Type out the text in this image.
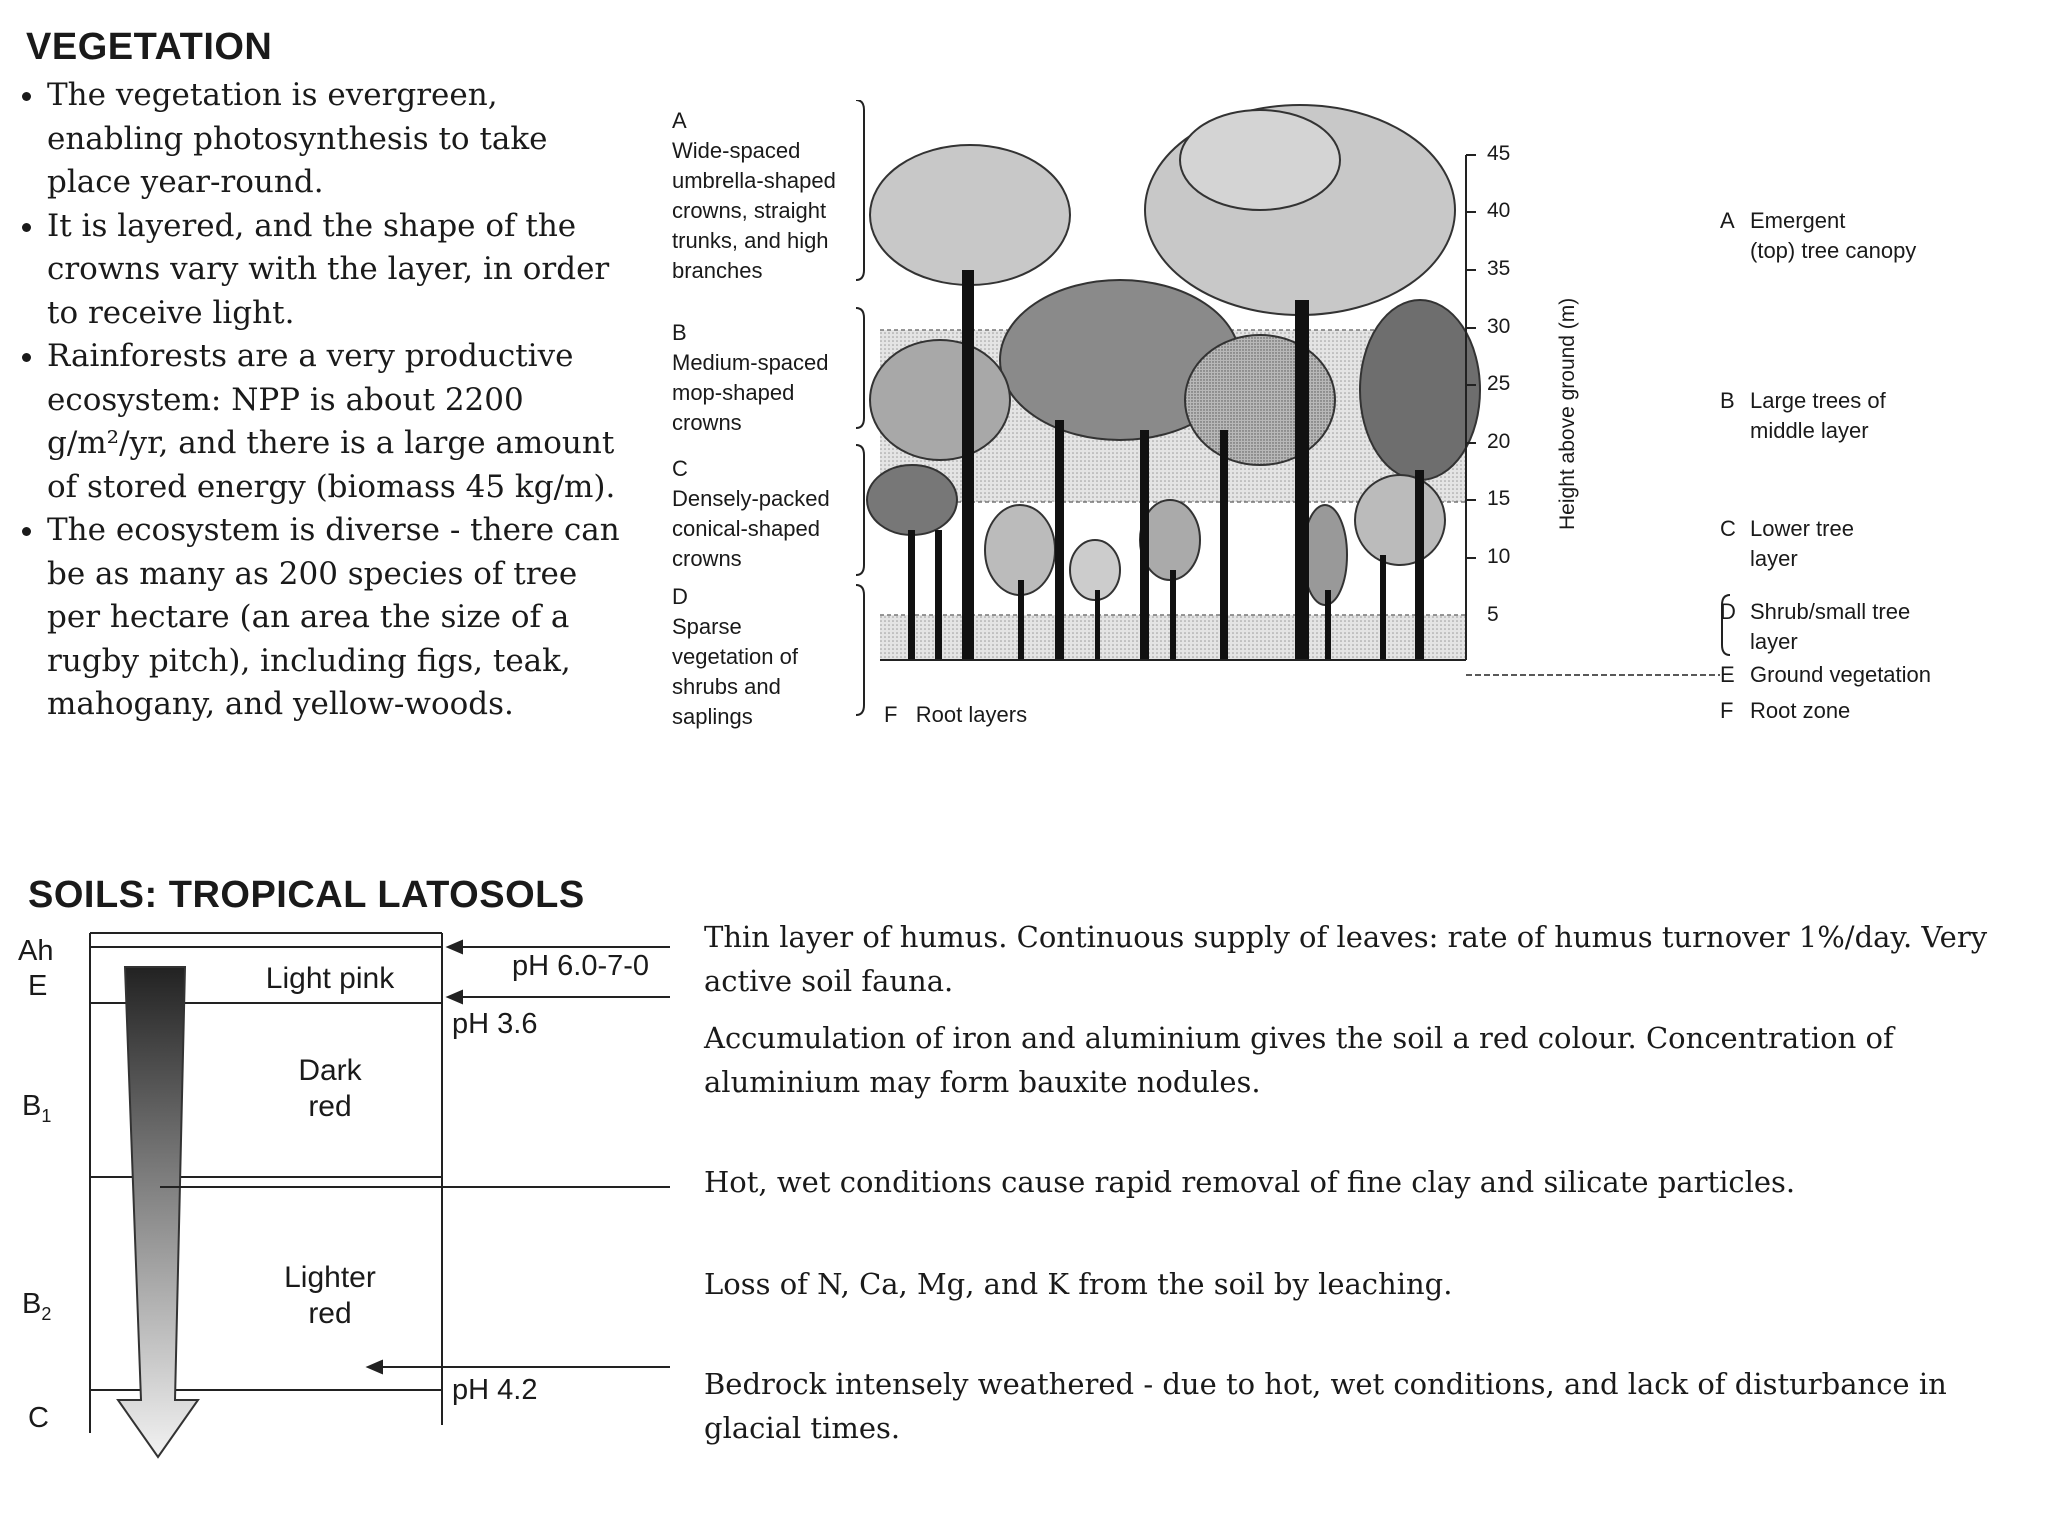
VEGETATION
• The vegetation is evergreen, enabling photosynthesis to take place year-round.
• It is layered, and the shape of the crowns vary with the layer, in order to receive light.
• Rainforests are a very productive ecosystem: NPP is about 2200 g/m²/yr, and there is a large amount of stored energy (biomass 45 kg/m).
• The ecosystem is diverse - there can be as many as 200 species of tree per hectare (an area the size of a rugby pitch), including figs, teak, mahogany, and yellow-woods.
A
Wide-spaced
umbrella-shaped
crowns, straight
trunks, and high
branches
B
Medium-spaced
mop-shaped
crowns
C
Densely-packed
conical-shaped
crowns
D
Sparse
vegetation of
shrubs and
saplings	F Root layers
45
40
35
30
25
20
15
10
5
Height above ground (m)
A Emergent
(top) tree canopy
B Large trees of
middle layer
C Lower tree
layer
D Shrub/small tree
layer
E Ground vegetation
F Root zone
SOILS: TROPICAL LATOSOLS
Ah
E
$B_1$
$B_2$
C
Light pink
Dark
red
Lighter
red
pH 6.0-7-0
pH 3.6
pH 4.2
Thin layer of humus. Continuous supply of leaves: rate of humus turnover 1%/day. Very active soil fauna.
Accumulation of iron and aluminium gives the soil a red colour. Concentration of aluminium may form bauxite nodules.
Hot, wet conditions cause rapid removal of fine clay and silicate particles.
Loss of N, Ca, Mg, and K from the soil by leaching.
Bedrock intensely weathered - due to hot, wet conditions, and lack of disturbance in glacial times.
